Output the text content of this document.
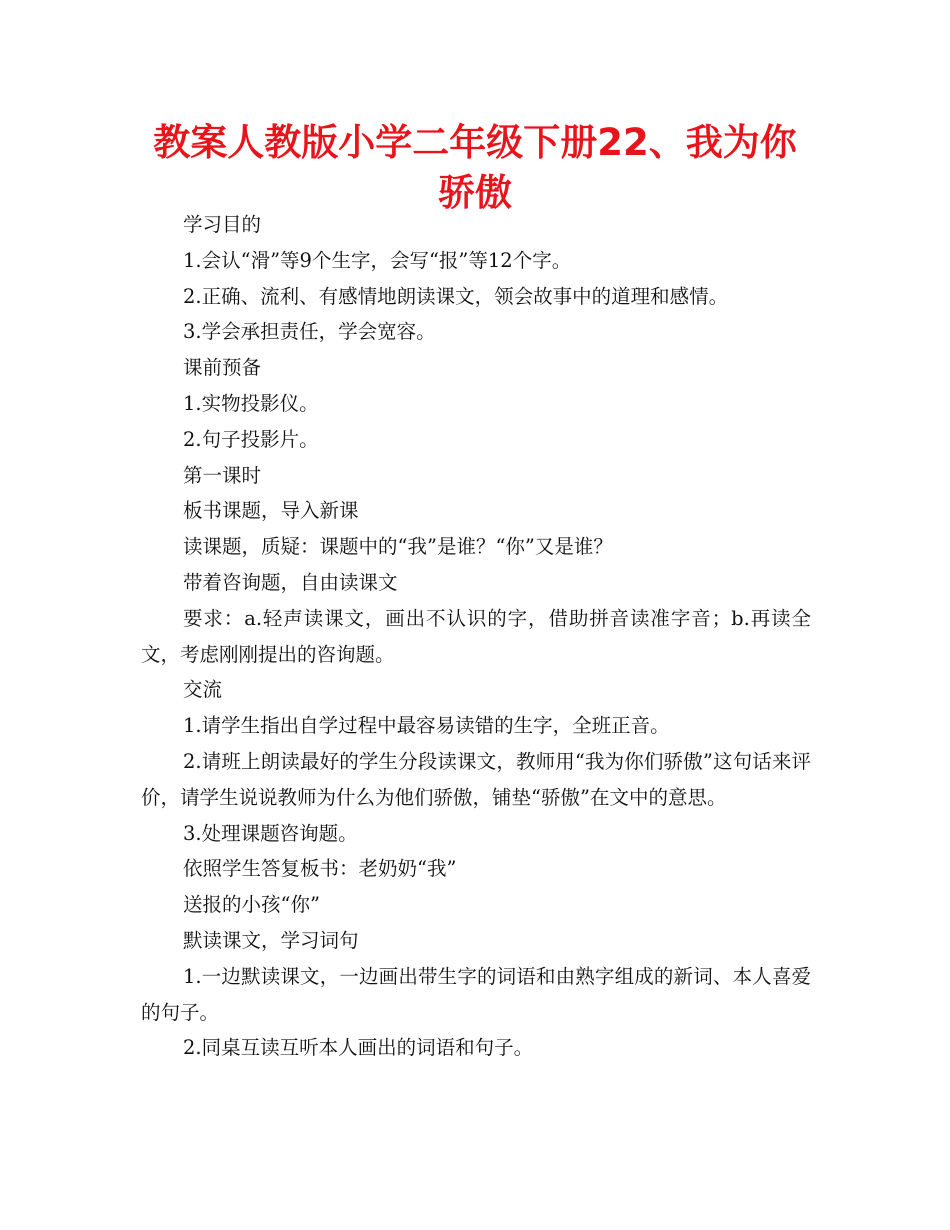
教案人教版小学二年级下册22、我为你骄傲

学习目的

1.会认“滑”等9个生字，会写“报”等12个字。

2.正确、流利、有感情地朗读课文，领会故事中的道理和感情。

3.学会承担责任，学会宽容。

课前预备

1.实物投影仪。

2.句子投影片。

第一课时

板书课题，导入新课

读课题，质疑：课题中的“我”是谁？“你”又是谁？

带着咨询题，自由读课文

要求：a.轻声读课文，画出不认识的字，借助拼音读准字音；b.再读全文，考虑刚刚提出的咨询题。

交流

1.请学生指出自学过程中最容易读错的生字，全班正音。

2.请班上朗读最好的学生分段读课文，教师用“我为你们骄傲”这句话来评价，请学生说说教师为什么为他们骄傲，铺垫“骄傲”在文中的意思。

3.处理课题咨询题。

依照学生答复板书：老奶奶“我”

送报的小孩“你”

默读课文，学习词句

1.一边默读课文，一边画出带生字的词语和由熟字组成的新词、本人喜爱的句子。

2.同桌互读互听本人画出的词语和句子。
